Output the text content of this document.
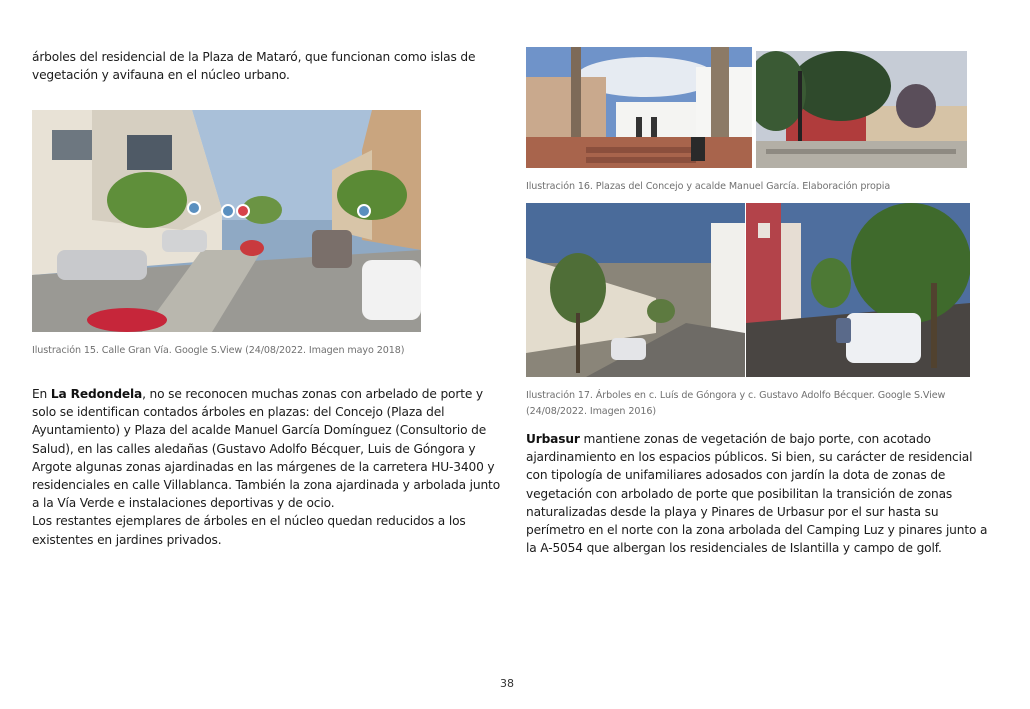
árboles del residencial de la Plaza de Mataró, que funcionan como islas de vegetación y avifauna en el núcleo urbano.
Ilustración 15. Calle Gran Vía. Google S.View (24/08/2022. Imagen mayo 2018)
En La Redondela, no se reconocen muchas zonas con arbelado de porte y solo se identifican contados árboles en plazas: del Concejo (Plaza del Ayuntamiento) y Plaza del acalde Manuel García Domínguez (Consultorio de Salud), en las calles aledañas (Gustavo Adolfo Bécquer, Luis de Góngora y Argote algunas zonas ajardinadas en las márgenes de la carretera HU-3400 y residenciales en calle Villablanca. También la zona ajardinada y arbolada junto a la Vía Verde e instalaciones deportivas y de ocio.
Los restantes ejemplares de árboles en el núcleo quedan reducidos a los existentes en jardines privados.
Ilustración 16. Plazas del Concejo y acalde Manuel García. Elaboración propia
Ilustración 17. Árboles en c. Luís de Góngora y c. Gustavo Adolfo Bécquer. Google S.View (24/08/2022. Imagen 2016)
Urbasur mantiene zonas de vegetación de bajo porte, con acotado ajardinamiento en los espacios públicos. Si bien, su carácter de residencial con tipología de unifamiliares adosados con jardín la dota de zonas de vegetación con arbolado de porte que posibilitan la transición de zonas naturalizadas desde la playa y Pinares de Urbasur por el sur hasta su perímetro en el norte con la zona arbolada del Camping Luz y pinares junto a la A-5054 que albergan los residenciales de Islantilla y campo de golf.
38
